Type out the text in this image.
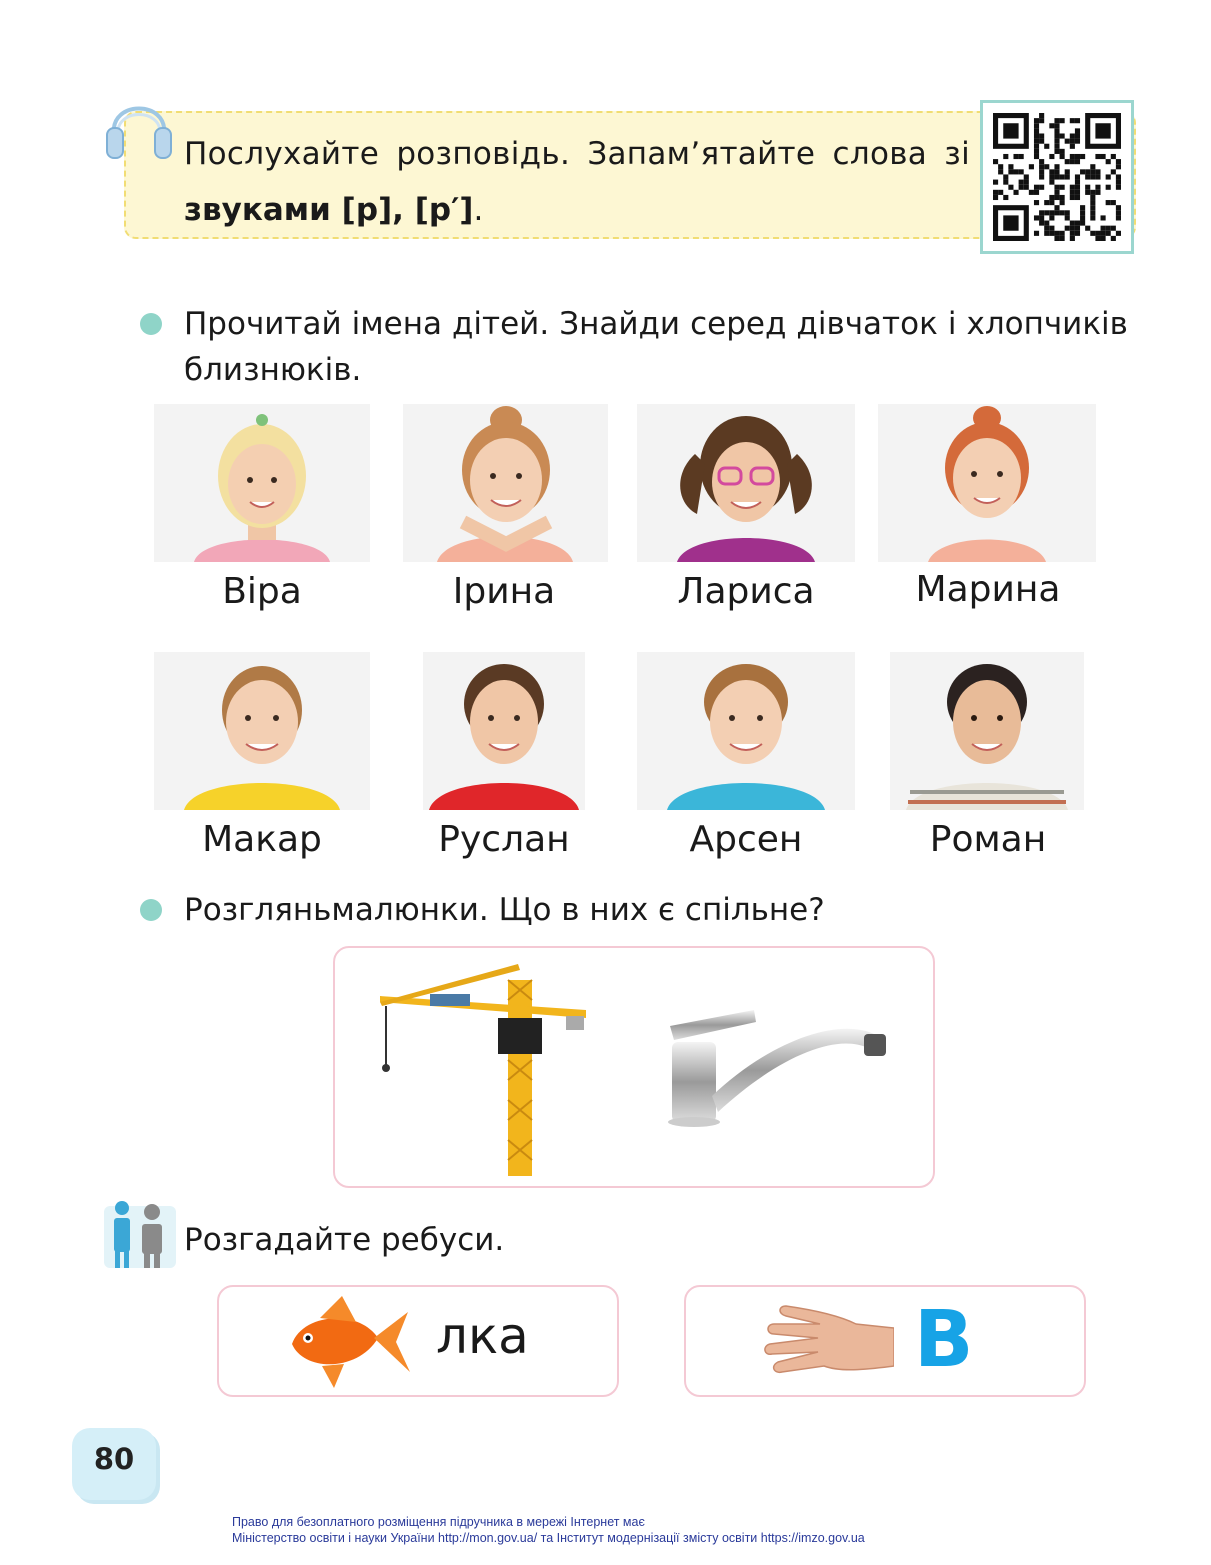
Послухайте розповідь. Запам’ятайте слова зі
звуками [р], [р′].
Прочитай імена дітей. Знайди серед дівчаток і хлопчиків
близнюків.
Віра	Ірина	Лариса	Марина
Макар	Руслан	Арсен	Роман
Розгляньмалюнки. Що в них є спільне?
Розгадайте ребуси.
лка	В
80
Право для безоплатного розміщення підручника в мережі Інтернет має
Міністерство освіти і науки України http://mon.gov.ua/ та Інститут модернізації змісту освіти https://imzo.gov.ua
